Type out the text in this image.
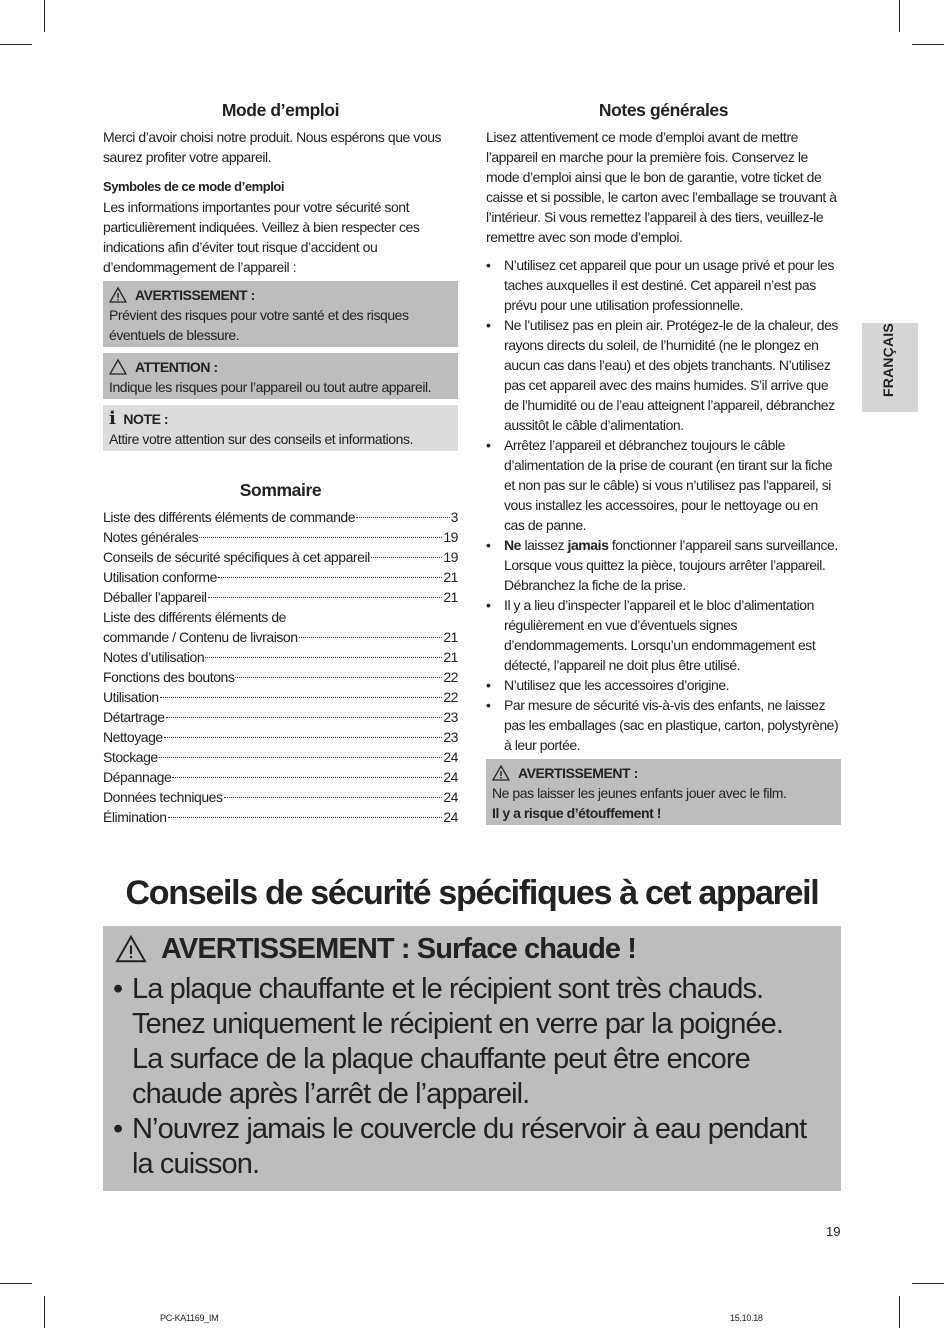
Mode d’emploi

Merci d’avoir choisi notre produit. Nous espérons que vous saurez profiter votre appareil.

Symboles de ce mode d’emploi

Les informations importantes pour votre sécurité sont particulièrement indiquées. Veillez à bien respecter ces indications afin d’éviter tout risque d’accident ou d’endommagement de l’appareil :

AVERTISSEMENT :

Prévient des risques pour votre santé et des risques éventuels de blessure.

ATTENTION :

Indique les risques pour l’appareil ou tout autre appareil.

i NOTE :

Attire votre attention sur des conseils et informations.

Sommaire
Liste des différents éléments de commande	3
Notes générales	19
Conseils de sécurité spécifiques à cet appareil	19
Utilisation conforme	21
Déballer l’appareil	21
Liste des différents éléments de
commande / Contenu de livraison	21
Notes d’utilisation	21
Fonctions des boutons	22
Utilisation	22
Détartrage	23
Nettoyage	23
Stockage	24
Dépannage	24
Données techniques	24
Élimination	24
Notes générales

Lisez attentivement ce mode d’emploi avant de mettre l’appareil en marche pour la première fois. Conservez le mode d’emploi ainsi que le bon de garantie, votre ticket de caisse et si possible, le carton avec l’emballage se trouvant à l’intérieur. Si vous remettez l’appareil à des tiers, veuillez-le remettre avec son mode d’emploi.

• N’utilisez cet appareil que pour un usage privé et pour les taches auxquelles il est destiné. Cet appareil n’est pas prévu pour une utilisation professionnelle.
• Ne l’utilisez pas en plein air. Protégez-le de la chaleur, des rayons directs du soleil, de l’humidité (ne le plongez en aucun cas dans l’eau) et des objets tranchants. N’utilisez pas cet appareil avec des mains humides. S’il arrive que de l’humidité ou de l’eau atteignent l’appareil, débranchez aussitôt le câble d’alimentation.
• Arrêtez l’appareil et débranchez toujours le câble d’alimentation de la prise de courant (en tirant sur la fiche et non pas sur le câble) si vous n’utilisez pas l’appareil, si vous installez les accessoires, pour le nettoyage ou en cas de panne.
• Ne laissez jamais fonctionner l’appareil sans surveillance. Lorsque vous quittez la pièce, toujours arrêter l’appareil. Débranchez la fiche de la prise.
• Il y a lieu d’inspecter l’appareil et le bloc d’alimentation régulièrement en vue d’éventuels signes d’endommagements. Lorsqu’un endommagement est détecté, l’appareil ne doit plus être utilisé.
• N’utilisez que les accessoires d’origine.
• Par mesure de sécurité vis-à-vis des enfants, ne laissez pas les emballages (sac en plastique, carton, polystyrène) à leur portée.
AVERTISSEMENT :

Ne pas laisser les jeunes enfants jouer avec le film.

Il y a risque d’étouffement !

FRANÇAIS
Conseils de sécurité spécifiques à cet appareil
AVERTISSEMENT : Surface chaude !
• La plaque chauffante et le récipient sont très chauds. Tenez uniquement le récipient en verre par la poignée. La surface de la plaque chauffante peut être encore chaude après l’arrêt de l’appareil.
• N’ouvrez jamais le couvercle du réservoir à eau pendant la cuisson.
19
PC-KA1169_IM	15.10.18
